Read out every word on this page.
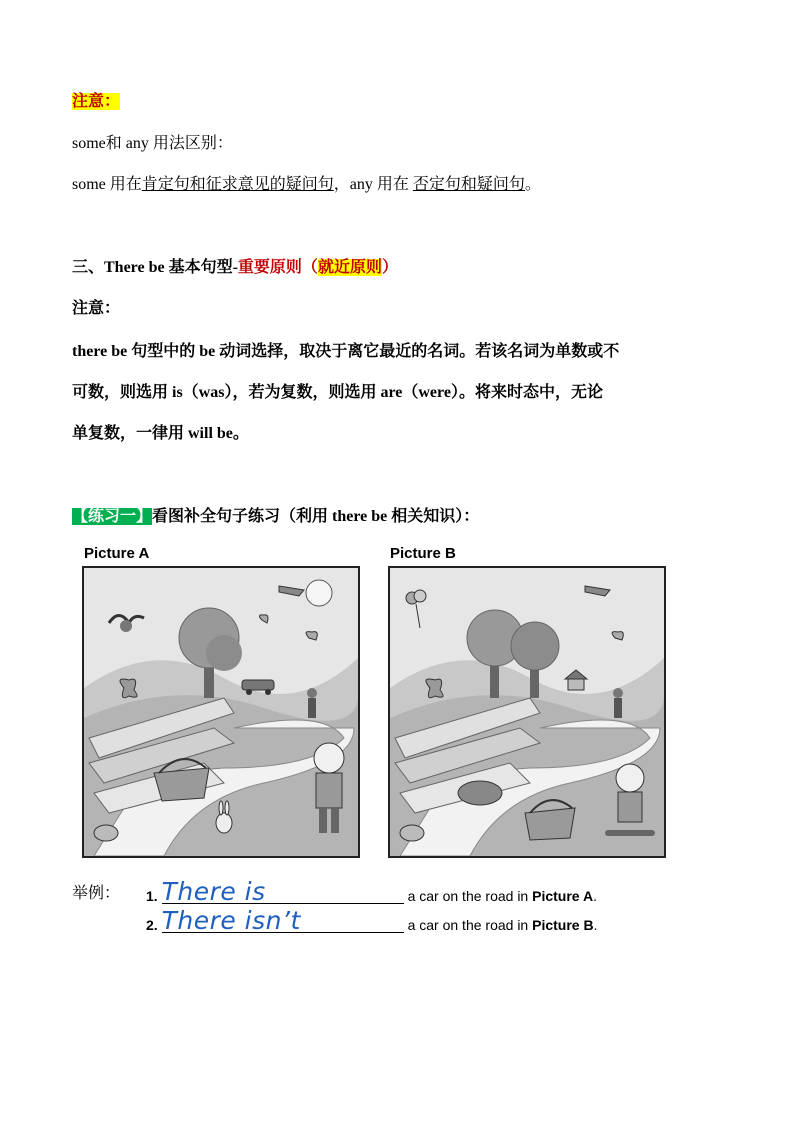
注意：
some和 any 用法区别：
some 用在肯定句和征求意见的疑问句，any 用在 否定句和疑问句。
三、There be 基本句型-重要原则（就近原则）
注意：
there be 句型中的 be 动词选择，取决于离它最近的名词。若该名词为单数或不
可数，则选用 is（was），若为复数，则选用 are（were）。将来时态中，无论
单复数，一律用 will be。
【练习一】看图补全句子练习（利用 there be 相关知识）：
Picture A	Picture B
举例： 1. There is	a car on the road in Picture A.
2. There isn’t	a car on the road in Picture B.
